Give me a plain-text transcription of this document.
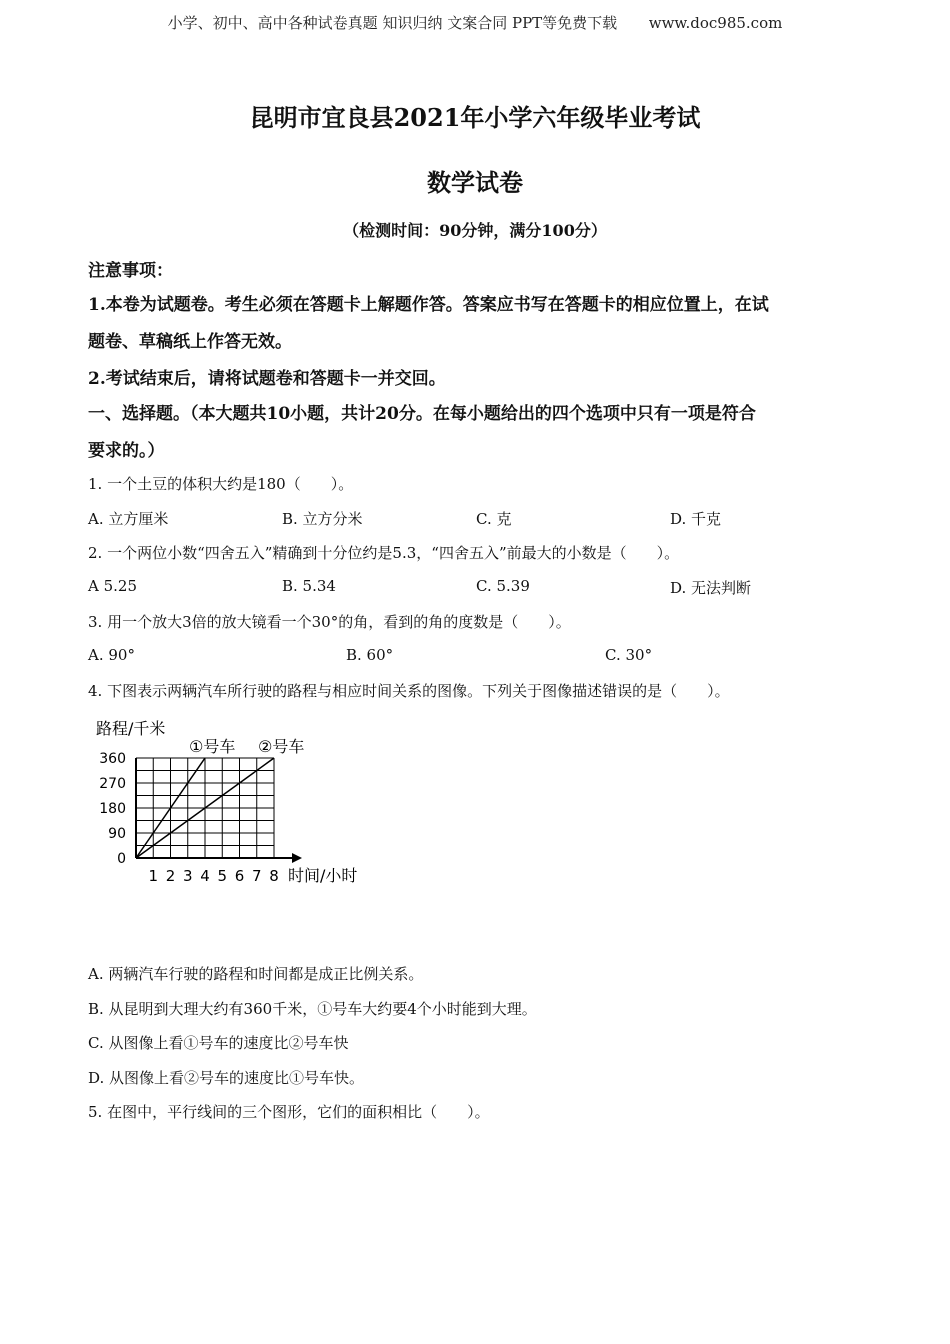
小学、初中、高中各种试卷真题 知识归纳 文案合同 PPT等免费下载 www.doc985.com
昆明市宜良县2021年小学六年级毕业考试
数学试卷
（检测时间：90分钟，满分100分）
注意事项：
1.本卷为试题卷。考生必须在答题卡上解题作答。答案应书写在答题卡的相应位置上，在试
题卷、草稿纸上作答无效。
2.考试结束后，请将试题卷和答题卡一并交回。
一、选择题。（本大题共10小题，共计20分。在每小题给出的四个选项中只有一项是符合
要求的。）
1. 一个土豆的体积大约是180（　　）。
A. 立方厘米	B. 立方分米	C. 克	D. 千克
2. 一个两位小数“四舍五入”精确到十分位约是5.3，“四舍五入”前最大的小数是（　　）。
A 5.25	B. 5.34	C. 5.39	D. 无法判断
3. 用一个放大3倍的放大镜看一个30°的角，看到的角的度数是（　　）。
A. 90°	B. 60°	C. 30°
4. 下图表示两辆汽车所行驶的路程与相应时间关系的图像。下列关于图像描述错误的是（　　）。
路程/千米
①号车 ②号车
0
90
180
270
360
1 2 3 4 5 6 7 8 时间/小时
A. 两辆汽车行驶的路程和时间都是成正比例关系。
B. 从昆明到大理大约有360千米，①号车大约要4个小时能到大理。
C. 从图像上看①号车的速度比②号车快
D. 从图像上看②号车的速度比①号车快。
5. 在图中，平行线间的三个图形，它们的面积相比（　　）。
